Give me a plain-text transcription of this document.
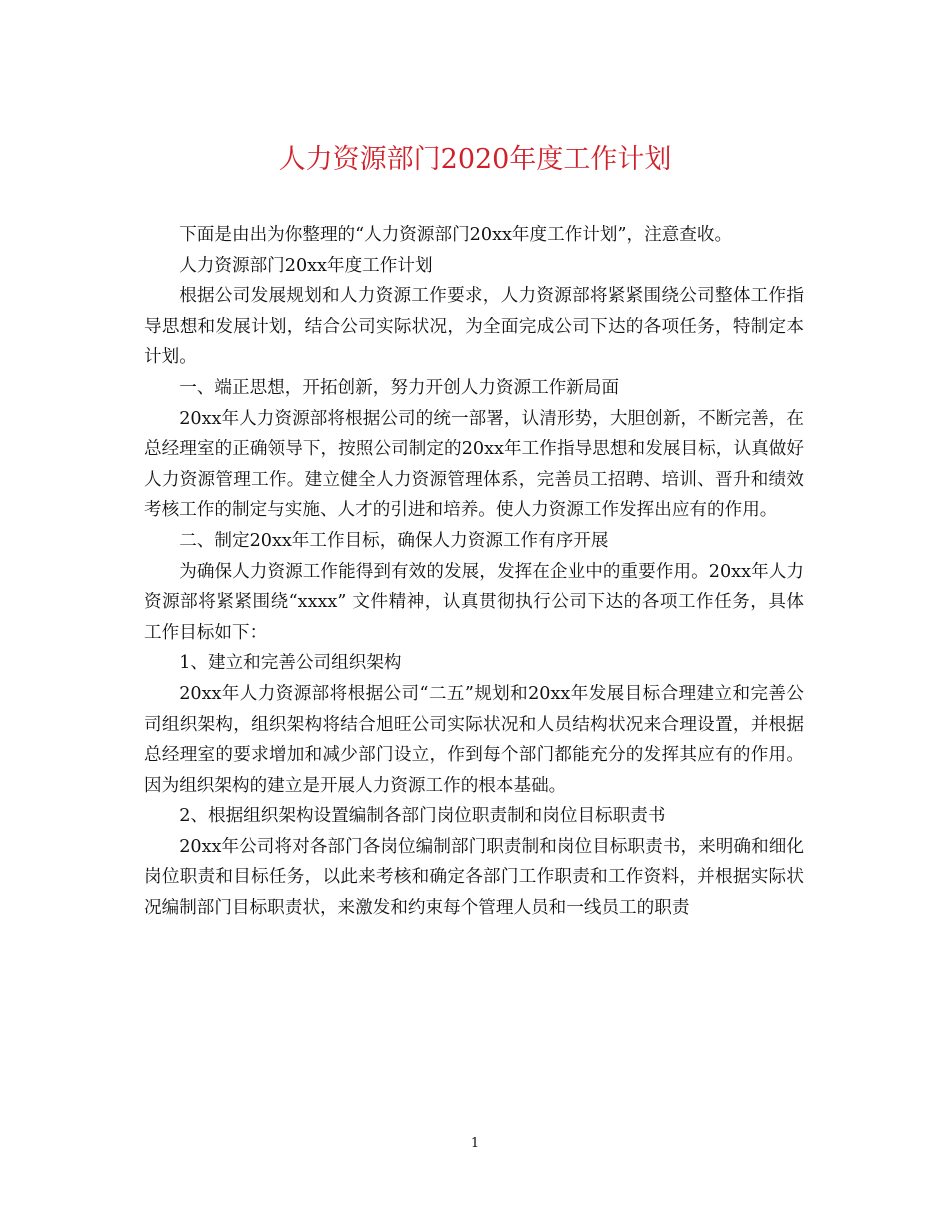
人力资源部门2020年度工作计划

下面是由出为你整理的“人力资源部门20xx年度工作计划”，注意查收。

人力资源部门20xx年度工作计划

根据公司发展规划和人力资源工作要求，人力资源部将紧紧围绕公司整体工作指导思想和发展计划，结合公司实际状况，为全面完成公司下达的各项任务，特制定本计划。

一、端正思想，开拓创新，努力开创人力资源工作新局面

20xx年人力资源部将根据公司的统一部署，认清形势，大胆创新，不断完善，在总经理室的正确领导下，按照公司制定的20xx年工作指导思想和发展目标，认真做好人力资源管理工作。建立健全人力资源管理体系，完善员工招聘、培训、晋升和绩效考核工作的制定与实施、人才的引进和培养。使人力资源工作发挥出应有的作用。

二、制定20xx年工作目标，确保人力资源工作有序开展

为确保人力资源工作能得到有效的发展，发挥在企业中的重要作用。20xx年人力资源部将紧紧围绕“xxxx” 文件精神，认真贯彻执行公司下达的各项工作任务，具体工作目标如下：

1、建立和完善公司组织架构

20xx年人力资源部将根据公司“二五”规划和20xx年发展目标合理建立和完善公司组织架构，组织架构将结合旭旺公司实际状况和人员结构状况来合理设置，并根据总经理室的要求增加和减少部门设立，作到每个部门都能充分的发挥其应有的作用。因为组织架构的建立是开展人力资源工作的根本基础。

2、根据组织架构设置编制各部门岗位职责制和岗位目标职责书

20xx年公司将对各部门各岗位编制部门职责制和岗位目标职责书，来明确和细化岗位职责和目标任务，以此来考核和确定各部门工作职责和工作资料，并根据实际状况编制部门目标职责状，来激发和约束每个管理人员和一线员工的职责

1
